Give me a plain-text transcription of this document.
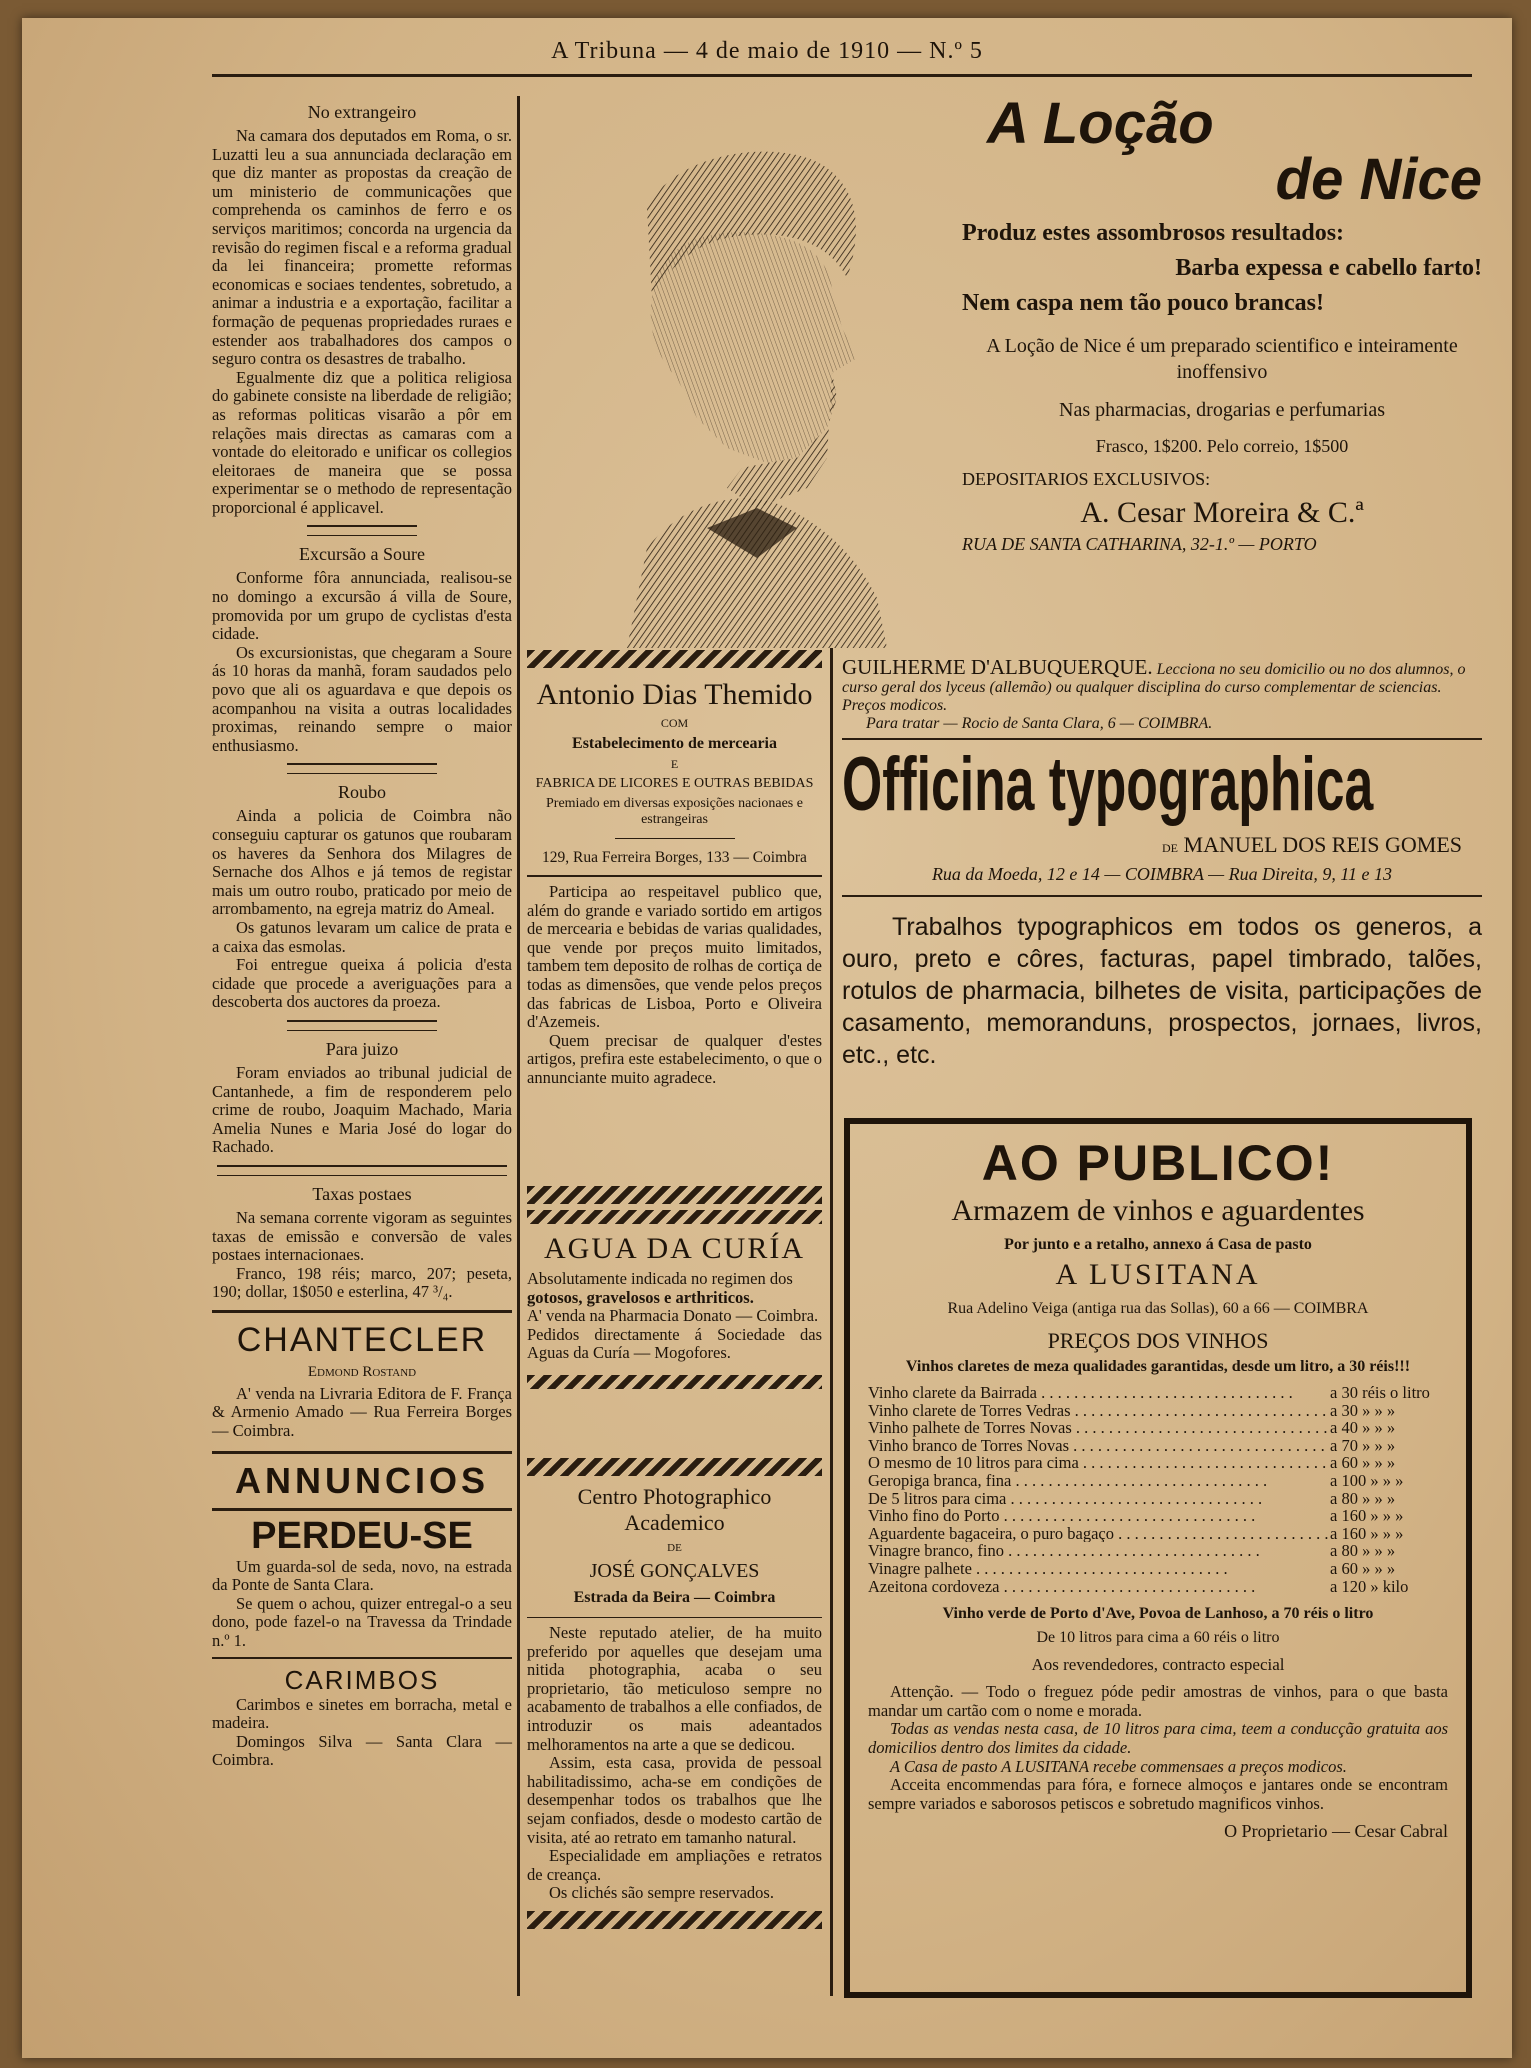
A Tribuna — 4 de maio de 1910 — N.º 5
No extrangeiro

Na camara dos deputados em Roma, o sr. Luzatti leu a sua annunciada declaração em que diz manter as propostas da creação de um ministerio de communicações que comprehenda os caminhos de ferro e os serviços maritimos; concorda na urgencia da revisão do regimen fiscal e a reforma gradual da lei financeira; promette reformas economicas e sociaes tendentes, sobretudo, a animar a industria e a exportação, facilitar a formação de pequenas propriedades ruraes e estender aos trabalhadores dos campos o seguro contra os desastres de trabalho.

Egualmente diz que a politica religiosa do gabinete consiste na liberdade de religião; as reformas politicas visarão a pôr em relações mais directas as camaras com a vontade do eleitorado e unificar os collegios eleitoraes de maneira que se possa experimentar se o methodo de representação proporcional é applicavel.

Excursão a Soure

Conforme fôra annunciada, realisou-se no domingo a excursão á villa de Soure, promovida por um grupo de cyclistas d'esta cidade.

Os excursionistas, que chegaram a Soure ás 10 horas da manhã, foram saudados pelo povo que ali os aguardava e que depois os acompanhou na visita a outras localidades proximas, reinando sempre o maior enthusiasmo.

Roubo

Ainda a policia de Coimbra não conseguiu capturar os gatunos que roubaram os haveres da Senhora dos Milagres de Sernache dos Alhos e já temos de registar mais um outro roubo, praticado por meio de arrombamento, na egreja matriz do Ameal.

Os gatunos levaram um calice de prata e a caixa das esmolas.

Foi entregue queixa á policia d'esta cidade que procede a averiguações para a descoberta dos auctores da proeza.

Para juizo

Foram enviados ao tribunal judicial de Cantanhede, a fim de responderem pelo crime de roubo, Joaquim Machado, Maria Amelia Nunes e Maria José do logar do Rachado.

Taxas postaes

Na semana corrente vigoram as seguintes taxas de emissão e conversão de vales postaes internacionaes.

Franco, 198 réis; marco, 207; peseta, 190; dollar, 1$050 e esterlina, 47 ³/₄.

CHANTECLER
Edmond Rostand

A' venda na Livraria Editora de F. França & Armenio Amado — Rua Ferreira Borges — Coimbra.

ANNUNCIOS
PERDEU-SE

Um guarda-sol de seda, novo, na estrada da Ponte de Santa Clara.

Se quem o achou, quizer entregal-o a seu dono, pode fazel-o na Travessa da Trindade n.º 1.

CARIMBOS

Carimbos e sinetes em borracha, metal e madeira.

Domingos Silva — Santa Clara — Coimbra.

A Loção
de Nice
Produz estes assombrosos resultados:
Barba expessa e cabello farto!
Nem caspa nem tão pouco brancas!
A Loção de Nice é um preparado scientifico e inteiramente inoffensivo
Nas pharmacias, drogarias e perfumarias
Frasco, 1$200. Pelo correio, 1$500
DEPOSITARIOS EXCLUSIVOS:
A. Cesar Moreira & C.ª
RUA DE SANTA CATHARINA, 32-1.º — PORTO
Antonio Dias Themido
COM
Estabelecimento de mercearia
E
FABRICA DE LICORES E OUTRAS BEBIDAS
Premiado em diversas exposições nacionaes e estrangeiras
129, Rua Ferreira Borges, 133 — Coimbra

Participa ao respeitavel publico que, além do grande e variado sortido em artigos de mercearia e bebidas de varias qualidades, que vende por preços muito limitados, tambem tem deposito de rolhas de cortiça de todas as dimensões, que vende pelos preços das fabricas de Lisboa, Porto e Oliveira d'Azemeis.

Quem precisar de qualquer d'estes artigos, prefira este estabelecimento, o que o annunciante muito agradece.

AGUA DA CURÍA

Absolutamente indicada no regimen dos gotosos, gravelosos e arthriticos.

A' venda na Pharmacia Donato — Coimbra.

Pedidos directamente á Sociedade das Aguas da Curía — Mogofores.

Centro Photographico Academico
DE
JOSÉ GONÇALVES
Estrada da Beira — Coimbra

Neste reputado atelier, de ha muito preferido por aquelles que desejam uma nitida photographia, acaba o seu proprietario, tão meticuloso sempre no acabamento de trabalhos a elle confiados, de introduzir os mais adeantados melhoramentos na arte a que se dedicou.

Assim, esta casa, provida de pessoal habilitadissimo, acha-se em condições de desempenhar todos os trabalhos que lhe sejam confiados, desde o modesto cartão de visita, até ao retrato em tamanho natural.

Especialidade em ampliações e retratos de creança.

Os clichés são sempre reservados.

GUILHERME D'ALBUQUERQUE. Lecciona no seu domicilio ou no dos alumnos, o curso geral dos lyceus (allemão) ou qualquer disciplina do curso complementar de sciencias. Preços modicos.
Para tratar — Rocio de Santa Clara, 6 — COIMBRA.
Officina typographica
DE MANUEL DOS REIS GOMES
Rua da Moeda, 12 e 14 — COIMBRA — Rua Direita, 9, 11 e 13
Trabalhos typographicos em todos os generos, a ouro, preto e côres, facturas, papel timbrado, talões, rotulos de pharmacia, bilhetes de visita, participações de casamento, memoranduns, prospectos, jornaes, livros, etc., etc.
AO PUBLICO!
Armazem de vinhos e aguardentes
Por junto e a retalho, annexo á Casa de pasto
A LUSITANA
Rua Adelino Veiga (antiga rua das Sollas), 60 a 66 — COIMBRA
PREÇOS DOS VINHOS
Vinhos claretes de meza qualidades garantidas, desde um litro, a 30 réis!!!
Vinho clarete da Bairrada . . .	a 30 réis o litro
Vinho clarete de Torres Vedras . . .	a 30 » » »
Vinho palhete de Torres Novas . . .	a 40 » » »
Vinho branco de Torres Novas . . .	a 70 » » »
O mesmo de 10 litros para cima . . .	a 60 » » »
Geropiga branca, fina . . .	a 100 » » »
De 5 litros para cima . . .	a 80 » » »
Vinho fino do Porto . . .	a 160 » » »
Aguardente bagaceira, o puro bagaço . . .	a 160 » » »
Vinagre branco, fino . . .	a 80 » » »
Vinagre palhete . . .	a 60 » » »
Azeitona cordoveza . . .	a 120 » kilo
Vinho verde de Porto d'Ave, Povoa de Lanhoso, a 70 réis o litro
De 10 litros para cima a 60 réis o litro
Aos revendedores, contracto especial

Attenção. — Todo o freguez póde pedir amostras de vinhos, para o que basta mandar um cartão com o nome e morada.

Todas as vendas nesta casa, de 10 litros para cima, teem a conducção gratuita aos domicilios dentro dos limites da cidade.

A Casa de pasto A LUSITANA recebe commensaes a preços modicos.

Acceita encommendas para fóra, e fornece almoços e jantares onde se encontram sempre variados e saborosos petiscos e sobretudo magnificos vinhos.

O Proprietario — Cesar Cabral
